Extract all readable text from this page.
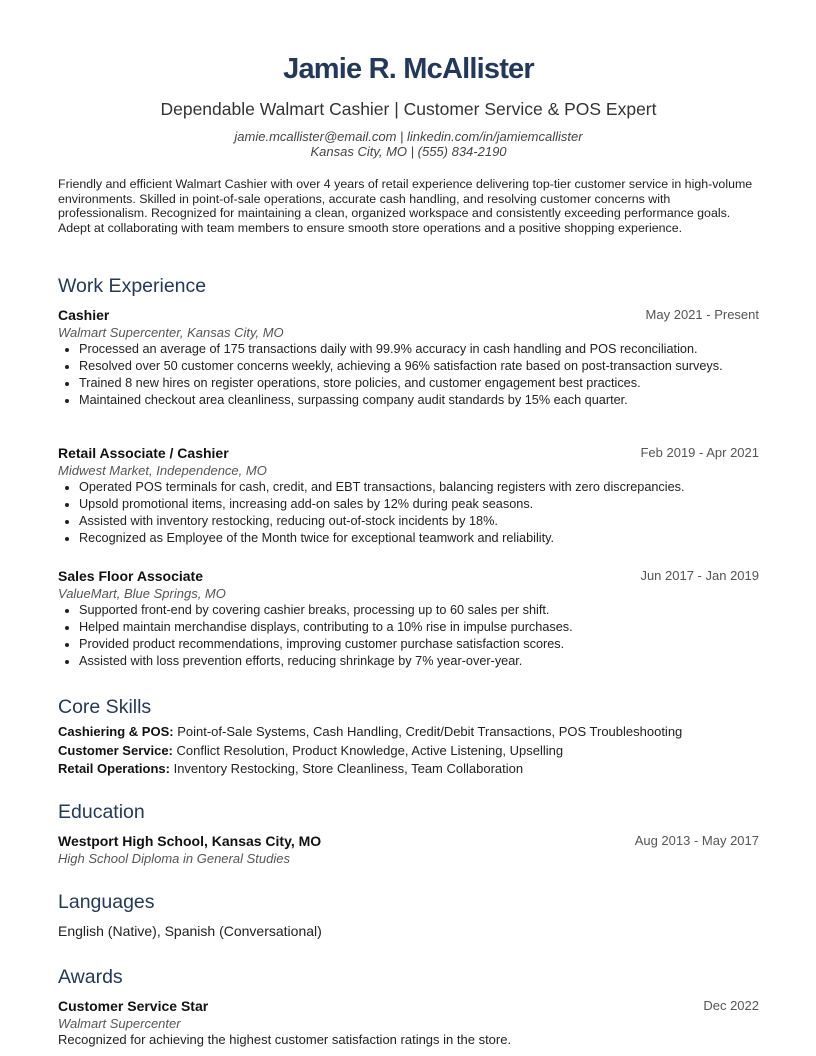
Jamie R. McAllister
Dependable Walmart Cashier | Customer Service & POS Expert
jamie.mcallister@email.com | linkedin.com/in/jamiemcallister
Kansas City, MO | (555) 834-2190
Friendly and efficient Walmart Cashier with over 4 years of retail experience delivering top-tier customer service in high-volume environments. Skilled in point-of-sale operations, accurate cash handling, and resolving customer concerns with professionalism. Recognized for maintaining a clean, organized workspace and consistently exceeding performance goals. Adept at collaborating with team members to ensure smooth store operations and a positive shopping experience.
Work Experience
Cashier	May 2021 - Present
Walmart Supercenter, Kansas City, MO
• Processed an average of 175 transactions daily with 99.9% accuracy in cash handling and POS reconciliation.
• Resolved over 50 customer concerns weekly, achieving a 96% satisfaction rate based on post-transaction surveys.
• Trained 8 new hires on register operations, store policies, and customer engagement best practices.
• Maintained checkout area cleanliness, surpassing company audit standards by 15% each quarter.
Retail Associate / Cashier	Feb 2019 - Apr 2021
Midwest Market, Independence, MO
• Operated POS terminals for cash, credit, and EBT transactions, balancing registers with zero discrepancies.
• Upsold promotional items, increasing add-on sales by 12% during peak seasons.
• Assisted with inventory restocking, reducing out-of-stock incidents by 18%.
• Recognized as Employee of the Month twice for exceptional teamwork and reliability.
Sales Floor Associate	Jun 2017 - Jan 2019
ValueMart, Blue Springs, MO
• Supported front-end by covering cashier breaks, processing up to 60 sales per shift.
• Helped maintain merchandise displays, contributing to a 10% rise in impulse purchases.
• Provided product recommendations, improving customer purchase satisfaction scores.
• Assisted with loss prevention efforts, reducing shrinkage by 7% year-over-year.
Core Skills
Cashiering & POS: Point-of-Sale Systems, Cash Handling, Credit/Debit Transactions, POS Troubleshooting
Customer Service: Conflict Resolution, Product Knowledge, Active Listening, Upselling
Retail Operations: Inventory Restocking, Store Cleanliness, Team Collaboration
Education
Westport High School, Kansas City, MO	Aug 2013 - May 2017
High School Diploma in General Studies
Languages
English (Native), Spanish (Conversational)
Awards
Customer Service Star	Dec 2022
Walmart Supercenter
Recognized for achieving the highest customer satisfaction ratings in the store.
